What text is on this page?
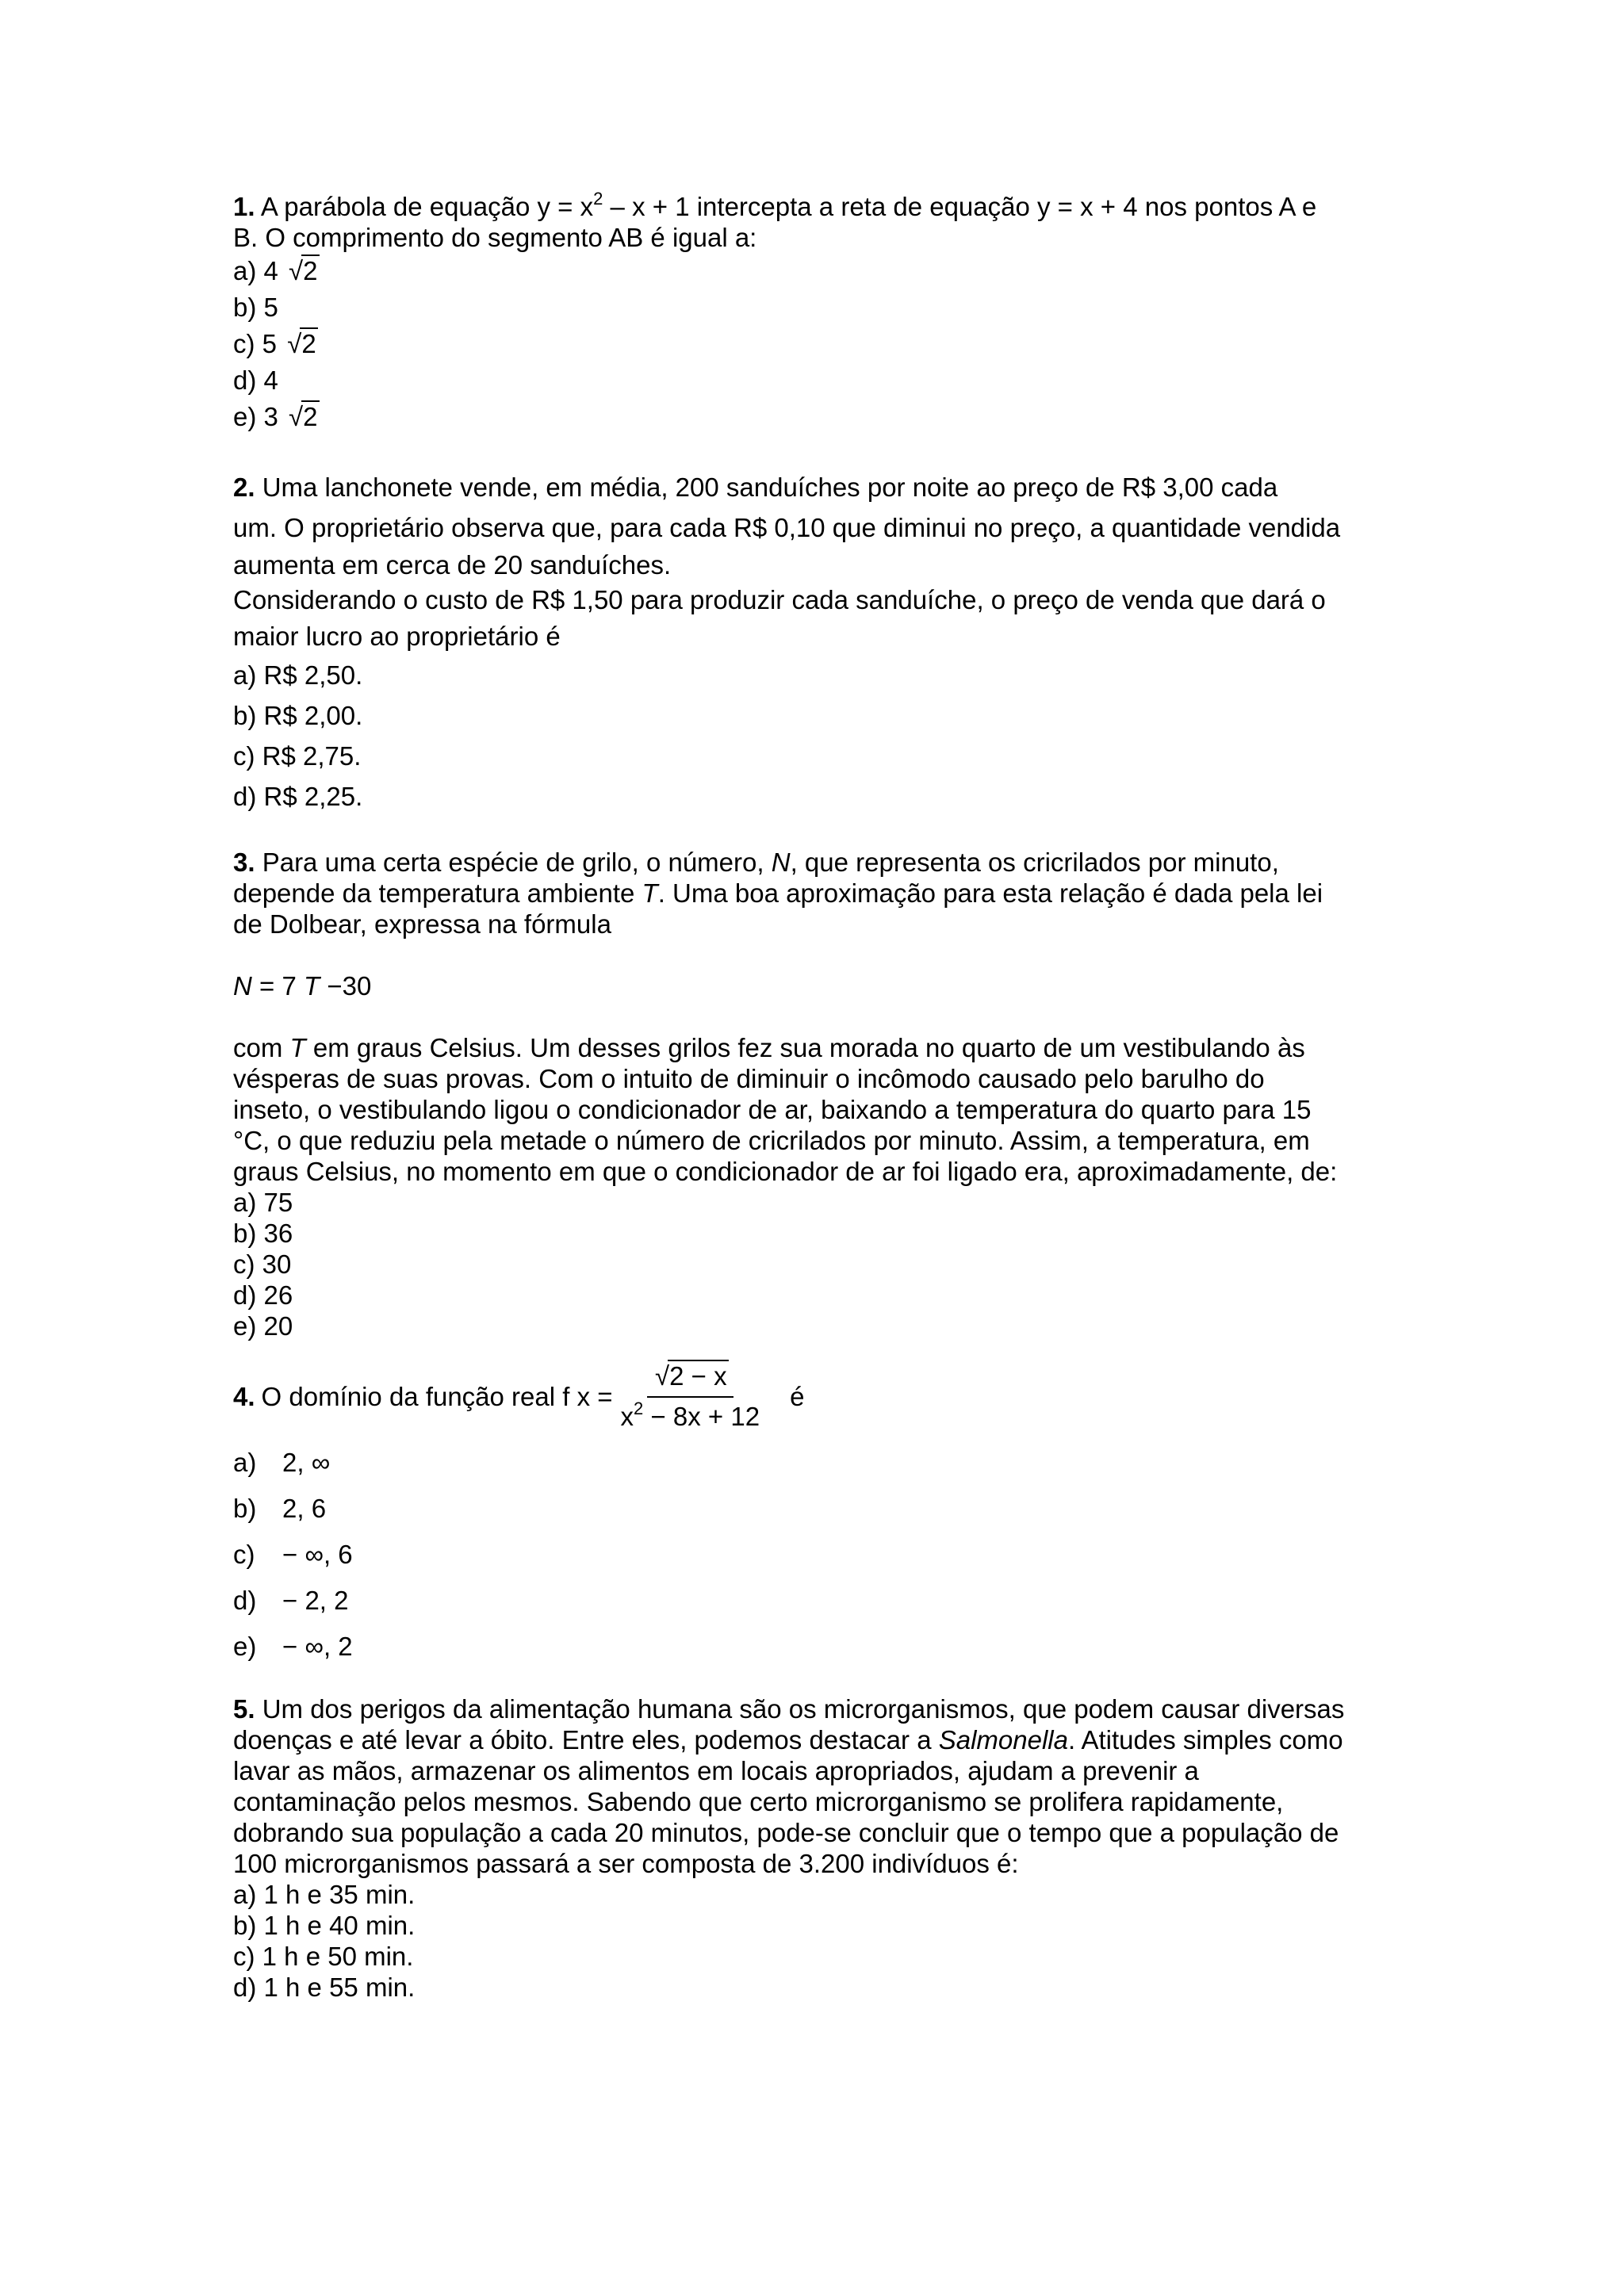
1. A parábola de equação $y = x^2 - x + 1$ intercepta a reta de equação y = x + 4 nos pontos A e

B. O comprimento do segmento AB é igual a:

a) 4 √2

b) 5

c) 5 √2

d) 4

e) 3 √2

2. Uma lanchonete vende, em média, 200 sanduíches por noite ao preço de R$ 3,00 cada

um. O proprietário observa que, para cada R$ 0,10 que diminui no preço, a quantidade vendida

aumenta em cerca de 20 sanduíches.

Considerando o custo de R$ 1,50 para produzir cada sanduíche, o preço de venda que dará o

maior lucro ao proprietário é

a) R$ 2,50.

b) R$ 2,00.

c) R$ 2,75.

d) R$ 2,25.

3. Para uma certa espécie de grilo, o número, N, que representa os cricrilados por minuto,

depende da temperatura ambiente T. Uma boa aproximação para esta relação é dada pela lei

de Dolbear, expressa na fórmula

N = 7 T −30

com T em graus Celsius. Um desses grilos fez sua morada no quarto de um vestibulando às

vésperas de suas provas. Com o intuito de diminuir o incômodo causado pelo barulho do

inseto, o vestibulando ligou o condicionador de ar, baixando a temperatura do quarto para 15

°C, o que reduziu pela metade o número de cricrilados por minuto. Assim, a temperatura, em

graus Celsius, no momento em que o condicionador de ar foi ligado era, aproximadamente, de:

a) 75

b) 36

c) 30

d) 26

e) 20

4. O domínio da função real f $x = \frac{√2 - x}{x^2 - 8x + 12}$ é

a) 2, ∞

b) 2, 6

c)	− ∞, 6

d) − 2, 2

e) − ∞, 2

5. Um dos perigos da alimentação humana são os microrganismos, que podem causar diversas

doenças e até levar a óbito. Entre eles, podemos destacar a Salmonella. Atitudes simples como

lavar as mãos, armazenar os alimentos em locais apropriados, ajudam a prevenir a

contaminação pelos mesmos. Sabendo que certo microrganismo se prolifera rapidamente,

dobrando sua população a cada 20 minutos, pode-se concluir que o tempo que a população de

100 microrganismos passará a ser composta de 3.200 indivíduos é:

a) 1 h e 35 min.

b) 1 h e 40 min.

c) 1 h e 50 min.

d) 1 h e 55 min.
